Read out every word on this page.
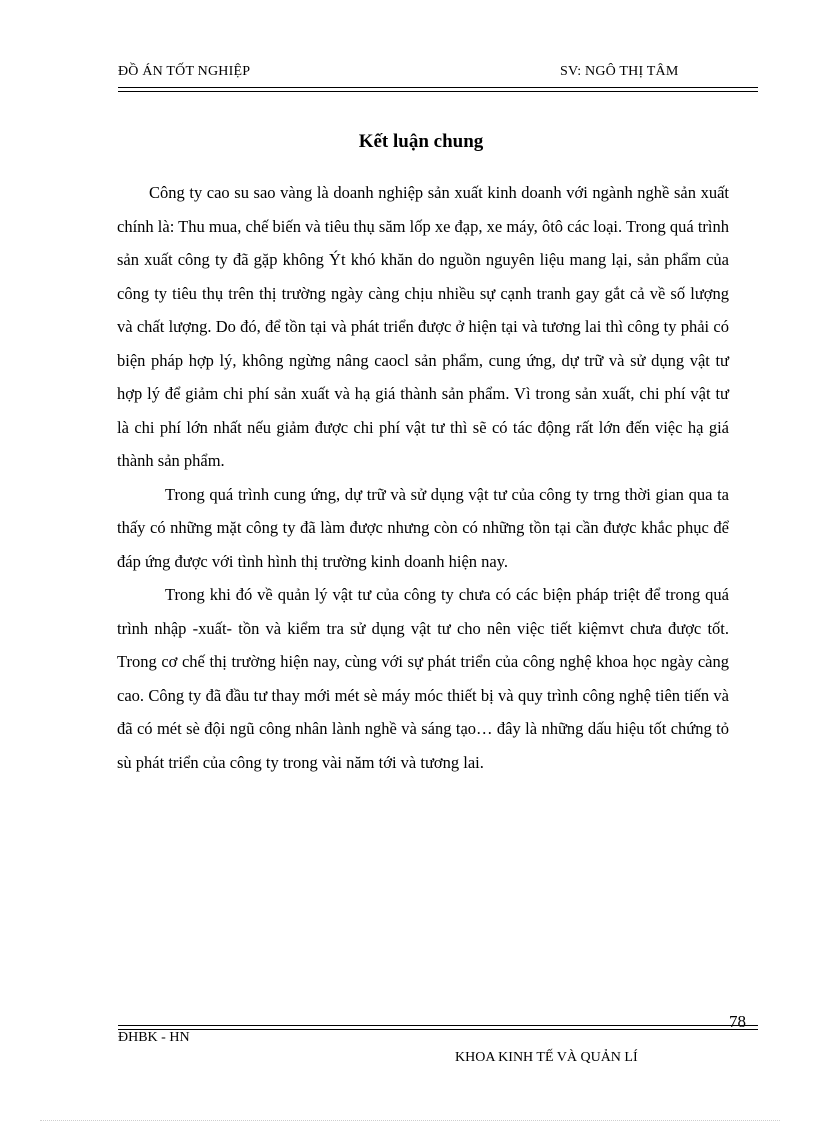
ĐỒ ÁN TỐT NGHIỆP	SV: NGÔ THỊ TÂM
Kết luận chung

Công ty cao su sao vàng là doanh nghiệp sản xuất kinh doanh với ngành nghề sản xuất chính là: Thu mua, chế biến và tiêu thụ săm lốp xe đạp, xe máy, ôtô các loại. Trong quá trình sản xuất công ty đã gặp không Ýt khó khăn do nguồn nguyên liệu mang lại, sản phẩm của công ty tiêu thụ trên thị trường ngày càng chịu nhiều sự cạnh tranh gay gắt cả về số lượng và chất lượng. Do đó, để tồn tại và phát triển được ở hiện tại và tương lai thì công ty phải có biện pháp hợp lý, không ngừng nâng caocl sản phẩm, cung ứng, dự trữ và sử dụng vật tư hợp lý để giảm chi phí sản xuất và hạ giá thành sản phẩm. Vì trong sản xuất, chi phí vật tư là chi phí lớn nhất nếu giảm được chi phí vật tư thì sẽ có tác động rất lớn đến việc hạ giá thành sản phẩm.

Trong quá trình cung ứng, dự trữ và sử dụng vật tư của công ty trng thời gian qua ta thấy có những mặt công ty đã làm được nhưng còn có những tồn tại cần được khắc phục để đáp ứng được với tình hình thị trường kinh doanh hiện nay.

Trong khi đó về quản lý vật tư của công ty chưa có các biện pháp triệt để trong quá trình nhập -xuất- tồn và kiểm tra sử dụng vật tư cho nên việc tiết kiệmvt chưa được tốt. Trong cơ chế thị trường hiện nay, cùng với sự phát triển của công nghệ khoa học ngày càng cao. Công ty đã đầu tư thay mới mét sè máy móc thiết bị và quy trình công nghệ tiên tiến và đã có mét sè đội ngũ công nhân lành nghề và sáng tạo… đây là những dấu hiệu tốt chứng tỏ sù phát triển của công ty trong vài năm tới và tương lai.

78
ĐHBK - HN
KHOA KINH TẾ VÀ QUẢN LÍ
